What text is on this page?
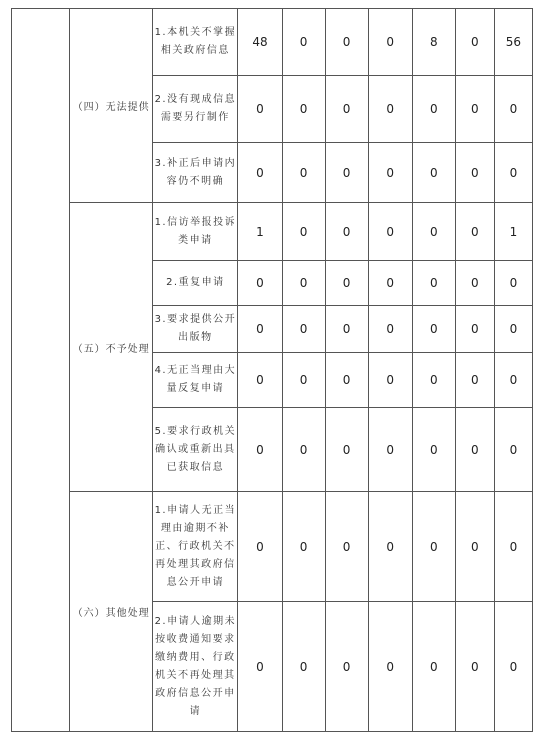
	（四）无法提供	1.本机关不掌握相关政府信息	48	0	0	0	8	0	56
		2.没有现成信息需要另行制作	0	0	0	0	0	0	0
		3.补正后申请内容仍不明确	0	0	0	0	0	0	0
	（五）不予处理	1.信访举报投诉类申请	1	0	0	0	0	0	1
		2.重复申请	0	0	0	0	0	0	0
		3.要求提供公开出版物	0	0	0	0	0	0	0
		4.无正当理由大量反复申请	0	0	0	0	0	0	0
		5.要求行政机关确认或重新出具已获取信息	0	0	0	0	0	0	0
	（六）其他处理	1.申请人无正当理由逾期不补正、行政机关不再处理其政府信息公开申请	0	0	0	0	0	0	0
		2.申请人逾期未按收费通知要求缴纳费用、行政机关不再处理其政府信息公开申请	0	0	0	0	0	0	0
